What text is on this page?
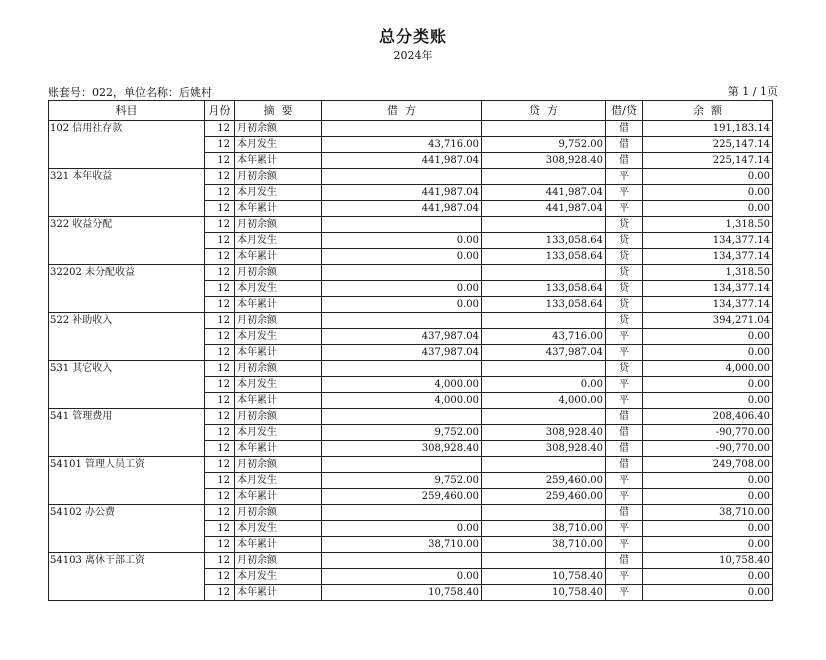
总分类账
2024年
账套号：022，单位名称：后姚村	第 1 / 1页
科目	月份	摘  要	借  方	贷  方	借/贷	余  额
102 信用社存款	12	月初余额			借	191,183.14
	12	本月发生	43,716.00	9,752.00	借	225,147.14
	12	本年累计	441,987.04	308,928.40	借	225,147.14
321 本年收益	12	月初余额			平	0.00
	12	本月发生	441,987.04	441,987.04	平	0.00
	12	本年累计	441,987.04	441,987.04	平	0.00
322 收益分配	12	月初余额			贷	1,318.50
	12	本月发生	0.00	133,058.64	贷	134,377.14
	12	本年累计	0.00	133,058.64	贷	134,377.14
32202 未分配收益	12	月初余额			贷	1,318.50
	12	本月发生	0.00	133,058.64	贷	134,377.14
	12	本年累计	0.00	133,058.64	贷	134,377.14
522 补助收入	12	月初余额			贷	394,271.04
	12	本月发生	437,987.04	43,716.00	平	0.00
	12	本年累计	437,987.04	437,987.04	平	0.00
531 其它收入	12	月初余额			贷	4,000.00
	12	本月发生	4,000.00	0.00	平	0.00
	12	本年累计	4,000.00	4,000.00	平	0.00
541 管理费用	12	月初余额			借	208,406.40
	12	本月发生	9,752.00	308,928.40	借	-90,770.00
	12	本年累计	308,928.40	308,928.40	借	-90,770.00
54101 管理人员工资	12	月初余额			借	249,708.00
	12	本月发生	9,752.00	259,460.00	平	0.00
	12	本年累计	259,460.00	259,460.00	平	0.00
54102 办公费	12	月初余额			借	38,710.00
	12	本月发生	0.00	38,710.00	平	0.00
	12	本年累计	38,710.00	38,710.00	平	0.00
54103 离休干部工资	12	月初余额			借	10,758.40
	12	本月发生	0.00	10,758.40	平	0.00
	12	本年累计	10,758.40	10,758.40	平	0.00
